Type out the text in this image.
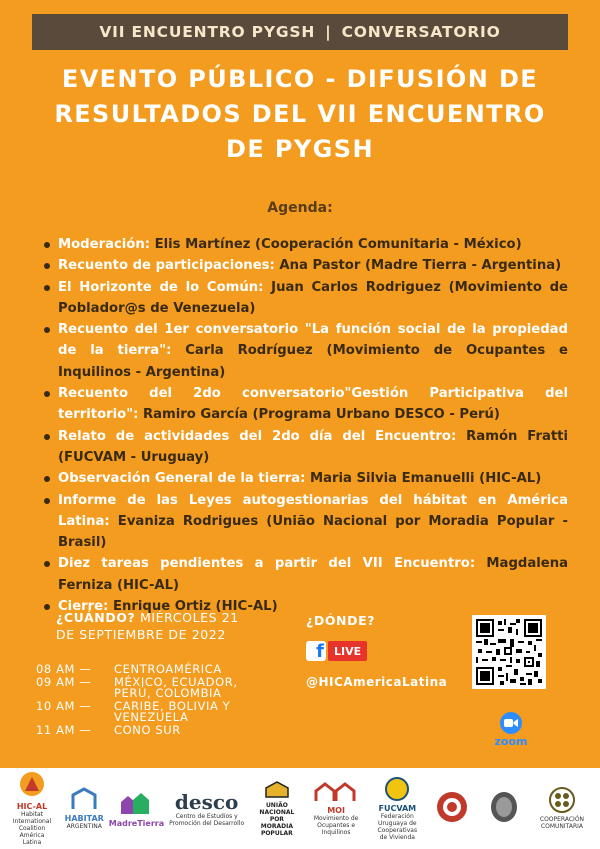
VII ENCUENTRO PYGSH | CONVERSATORIO
EVENTO PÚBLICO - DIFUSIÓN DE RESULTADOS DEL VII ENCUENTRO DE PYGSH
Agenda:
Moderación: Elis Martínez (Cooperación Comunitaria - México)
Recuento de participaciones: Ana Pastor (Madre Tierra - Argentina)
El Horizonte de lo Común: Juan Carlos Rodriguez (Movimiento de Poblador@s de Venezuela)
Recuento del 1er conversatorio "La función social de la propiedad de la tierra": Carla Rodríguez (Movimiento de Ocupantes e Inquilinos - Argentina)
Recuento del 2do conversatorio"Gestión Participativa del territorio": Ramiro García (Programa Urbano DESCO - Perú)
Relato de actividades del 2do día del Encuentro: Ramón Fratti (FUCVAM - Uruguay)
Observación General de la tierra: Maria Silvia Emanuelli (HIC-AL)
Informe de las Leyes autogestionarias del hábitat en América Latina: Evaniza Rodrigues (União Nacional por Moradia Popular - Brasil)
Diez tareas pendientes a partir del VII Encuentro: Magdalena Ferniza (HIC-AL)
Cierre: Enrique Ortiz (HIC-AL)
¿CUÁNDO? MIÉRCOLES 21
DE SEPTIEMBRE DE 2022
08 AM —	CENTROAMÉRICA
09 AM —	MÉXICO, ECUADOR, PERÚ, COLOMBIA
10 AM —	CARIBE, BOLIVIA Y VENEZUELA
11 AM —	CONO SUR
¿DÓNDE?
f LIVE
@HICAmericaLatina
zoom
HIC-AL
Habitat International Coalition América Latina
HABITAR
ARGENTINA MadreTierra
desco
Centro de Estudios y Promoción del Desarrollo
UNIÃO NACIONAL POR MORADIA POPULAR
MOI
Movimiento de Ocupantes e Inquilinos
FUCVAM
Federación Uruguaya de Cooperativas de Vivienda
COOPERACIÓN
COMUNITARIA
